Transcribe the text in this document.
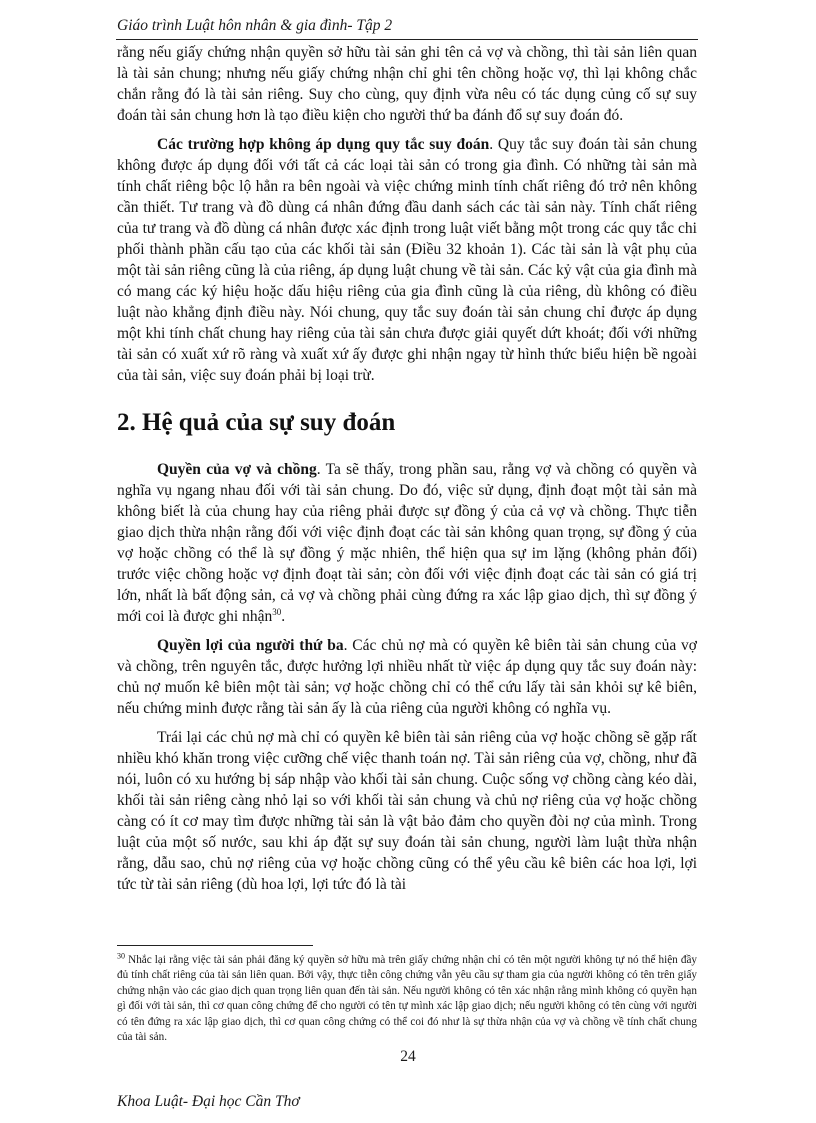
Giáo trình Luật hôn nhân & gia đình- Tập 2

rằng nếu giấy chứng nhận quyền sở hữu tài sản ghi tên cả vợ và chồng, thì tài sản liên quan là tài sản chung; nhưng nếu giấy chứng nhận chỉ ghi tên chồng hoặc vợ, thì lại không chắc chắn rằng đó là tài sản riêng. Suy cho cùng, quy định vừa nêu có tác dụng củng cố sự suy đoán tài sản chung hơn là tạo điều kiện cho người thứ ba đánh đổ sự suy đoán đó.

Các trường hợp không áp dụng quy tắc suy đoán. Quy tắc suy đoán tài sản chung không được áp dụng đối với tất cả các loại tài sản có trong gia đình. Có những tài sản mà tính chất riêng bộc lộ hẳn ra bên ngoài và việc chứng minh tính chất riêng đó trở nên không cần thiết. Tư trang và đồ dùng cá nhân đứng đầu danh sách các tài sản này. Tính chất riêng của tư trang và đồ dùng cá nhân được xác định trong luật viết bằng một trong các quy tắc chi phối thành phần cấu tạo của các khối tài sản (Điều 32 khoản 1). Các tài sản là vật phụ của một tài sản riêng cũng là của riêng, áp dụng luật chung về tài sản. Các kỷ vật của gia đình mà có mang các ký hiệu hoặc dấu hiệu riêng của gia đình cũng là của riêng, dù không có điều luật nào khẳng định điều này. Nói chung, quy tắc suy đoán tài sản chung chỉ được áp dụng một khi tính chất chung hay riêng của tài sản chưa được giải quyết dứt khoát; đối với những tài sản có xuất xứ rõ ràng và xuất xứ ấy được ghi nhận ngay từ hình thức biểu hiện bề ngoài của tài sản, việc suy đoán phải bị loại trừ.

2. Hệ quả của sự suy đoán

Quyền của vợ và chồng. Ta sẽ thấy, trong phần sau, rằng vợ và chồng có quyền và nghĩa vụ ngang nhau đối với tài sản chung. Do đó, việc sử dụng, định đoạt một tài sản mà không biết là của chung hay của riêng phải được sự đồng ý của cả vợ và chồng. Thực tiễn giao dịch thừa nhận rằng đối với việc định đoạt các tài sản không quan trọng, sự đồng ý của vợ hoặc chồng có thể là sự đồng ý mặc nhiên, thể hiện qua sự im lặng (không phản đối) trước việc chồng hoặc vợ định đoạt tài sản; còn đối với việc định đoạt các tài sản có giá trị lớn, nhất là bất động sản, cả vợ và chồng phải cùng đứng ra xác lập giao dịch, thì sự đồng ý mới coi là được ghi nhận$^{30}$.

Quyền lợi của người thứ ba. Các chủ nợ mà có quyền kê biên tài sản chung của vợ và chồng, trên nguyên tắc, được hưởng lợi nhiều nhất từ việc áp dụng quy tắc suy đoán này: chủ nợ muốn kê biên một tài sản; vợ hoặc chồng chỉ có thể cứu lấy tài sản khỏi sự kê biên, nếu chứng minh được rằng tài sản ấy là của riêng của người không có nghĩa vụ.

Trái lại các chủ nợ mà chỉ có quyền kê biên tài sản riêng của vợ hoặc chồng sẽ gặp rất nhiều khó khăn trong việc cưỡng chế việc thanh toán nợ. Tài sản riêng của vợ, chồng, như đã nói, luôn có xu hướng bị sáp nhập vào khối tài sản chung. Cuộc sống vợ chồng càng kéo dài, khối tài sản riêng càng nhỏ lại so với khối tài sản chung và chủ nợ riêng của vợ hoặc chồng càng có ít cơ may tìm được những tài sản là vật bảo đảm cho quyền đòi nợ của mình. Trong luật của một số nước, sau khi áp đặt sự suy đoán tài sản chung, người làm luật thừa nhận rằng, dẫu sao, chủ nợ riêng của vợ hoặc chồng cũng có thể yêu cầu kê biên các hoa lợi, lợi tức từ tài sản riêng (dù hoa lợi, lợi tức đó là tài

$^{30}$ Nhắc lại rằng việc tài sản phải đăng ký quyền sở hữu mà trên giấy chứng nhận chỉ có tên một người không tự nó thể hiện đầy đủ tính chất riêng của tài sản liên quan. Bởi vậy, thực tiễn công chứng vẫn yêu cầu sự tham gia của người không có tên trên giấy chứng nhận vào các giao dịch quan trọng liên quan đến tài sản. Nếu người không có tên xác nhận rằng mình không có quyền hạn gì đối với tài sản, thì cơ quan công chứng để cho người có tên tự mình xác lập giao dịch; nếu người không có tên cùng với người có tên đứng ra xác lập giao dịch, thì cơ quan công chứng có thể coi đó như là sự thừa nhận của vợ và chồng về tính chất chung của tài sản.
24
Khoa Luật- Đại học Cần Thơ
